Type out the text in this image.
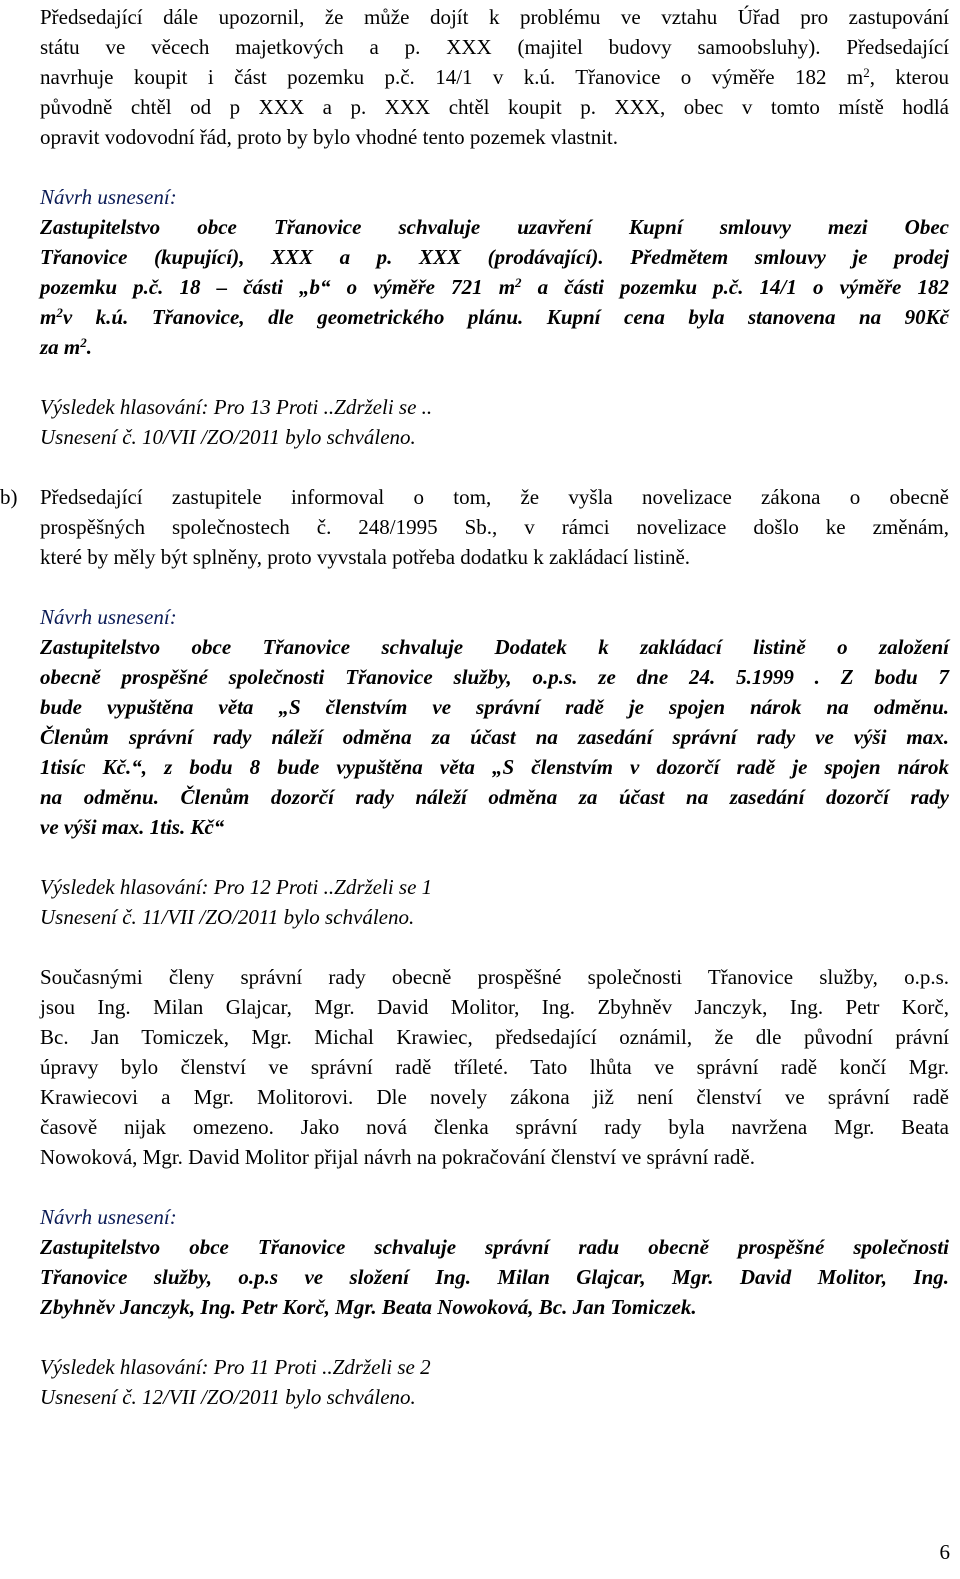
Předsedající dále upozornil, že může dojít k problému ve vztahu Úřad pro zastupování
státu ve věcech majetkových a p. XXX (majitel budovy samoobsluhy). Předsedající
navrhuje koupit i část pozemku p.č. 14/1 v k.ú. Třanovice o výměře 182 $m^2$, kterou
původně chtěl od p XXX a p. XXX chtěl koupit p. XXX, obec v tomto místě hodlá
opravit vodovodní řád, proto by bylo vhodné tento pozemek vlastnit.
Návrh usnesení:
Zastupitelstvo obce Třanovice schvaluje uzavření Kupní smlouvy mezi Obec
Třanovice (kupující), XXX a p. XXX (prodávající). Předmětem smlouvy je prodej
pozemku p.č. 18 – části „b“ o výměře 721 $m^2$ a části pozemku p.č. 14/1 o výměře 182
$m^2v$ k.ú. Třanovice, dle geometrického plánu. Kupní cena byla stanovena na 90Kč
za $m^2$.
Výsledek hlasování: Pro 13 Proti ..Zdrželi se ..
Usnesení č. 10/VII /ZO/2011 bylo schváleno.
b) Předsedající zastupitele informoval o tom, že vyšla novelizace zákona o obecně
prospěšných společnostech č. 248/1995 Sb., v rámci novelizace došlo ke změnám,
které by měly být splněny, proto vyvstala potřeba dodatku k zakládací listině.
Návrh usnesení:
Zastupitelstvo obce Třanovice schvaluje Dodatek k zakládací listině o založení
obecně prospěšné společnosti Třanovice služby, o.p.s. ze dne 24. 5.1999 . Z bodu 7
bude vypuštěna věta „S členstvím ve správní radě je spojen nárok na odměnu.
Členům správní rady náleží odměna za účast na zasedání správní rady ve výši max.
1tisíc Kč.“, z bodu 8 bude vypuštěna věta „S členstvím v dozorčí radě je spojen nárok
na odměnu. Členům dozorčí rady náleží odměna za účast na zasedání dozorčí rady
ve výši max. 1tis. Kč“
Výsledek hlasování: Pro 12 Proti ..Zdrželi se 1
Usnesení č. 11/VII /ZO/2011 bylo schváleno.
Současnými členy správní rady obecně prospěšné společnosti Třanovice služby, o.p.s.
jsou Ing. Milan Glajcar, Mgr. David Molitor, Ing. Zbyhněv Janczyk, Ing. Petr Korč,
Bc. Jan Tomiczek, Mgr. Michal Krawiec, předsedající oznámil, že dle původní právní
úpravy bylo členství ve správní radě tříleté. Tato lhůta ve správní radě končí Mgr.
Krawiecovi a Mgr. Molitorovi. Dle novely zákona již není členství ve správní radě
časově nijak omezeno. Jako nová členka správní rady byla navržena Mgr. Beata
Nowoková, Mgr. David Molitor přijal návrh na pokračování členství ve správní radě.
Návrh usnesení:
Zastupitelstvo obce Třanovice schvaluje správní radu obecně prospěšné společnosti
Třanovice služby, o.p.s ve složení Ing. Milan Glajcar, Mgr. David Molitor, Ing.
Zbyhněv Janczyk, Ing. Petr Korč, Mgr. Beata Nowoková, Bc. Jan Tomiczek.
Výsledek hlasování: Pro 11 Proti ..Zdrželi se 2
Usnesení č. 12/VII /ZO/2011 bylo schváleno.
6
